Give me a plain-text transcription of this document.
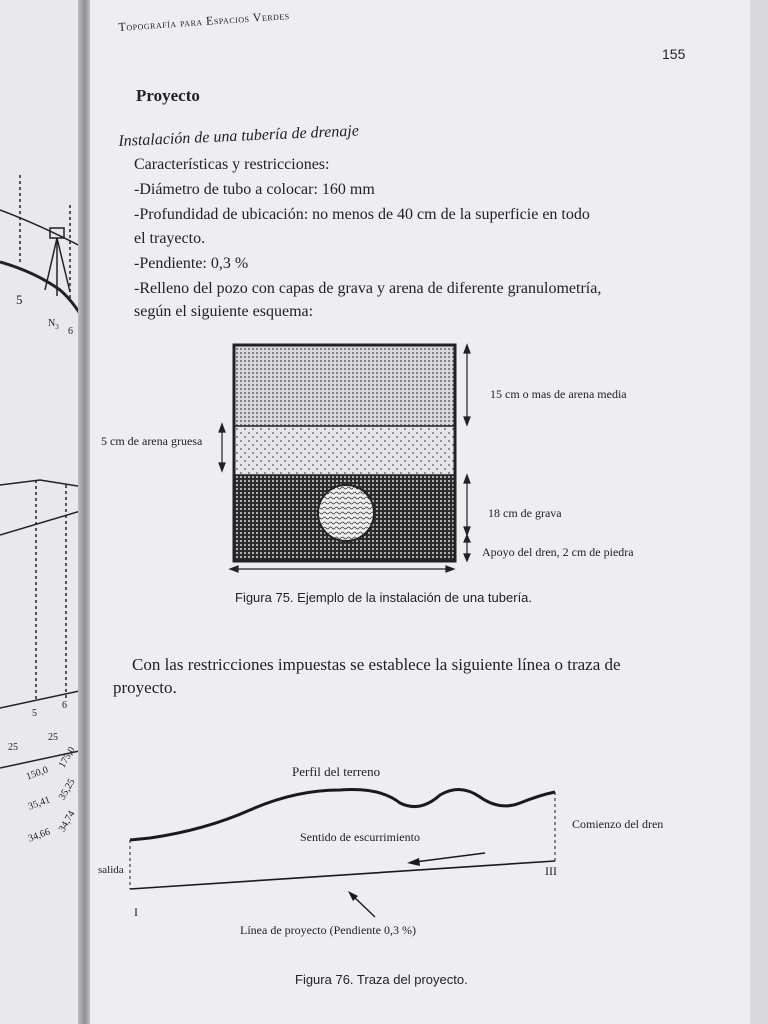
5
$N_3$ 6
5
6
25
25
150,0
175,0
35,41
35,25
34,66
34,74
Topografía para Espacios Verdes
155
Proyecto
Instalación de una tubería de drenaje
Características y restricciones:
-Diámetro de tubo a colocar: 160 mm
-Profundidad de ubicación: no menos de 40 cm de la superficie en todo
el trayecto.
-Pendiente: 0,3 %
-Relleno del pozo con capas de grava y arena de diferente granulometría,
según el siguiente esquema:
15 cm o mas de arena media
5 cm de arena gruesa
18 cm de grava
Apoyo del dren, 2 cm de piedra
Figura 75. Ejemplo de la instalación de una tubería.
Con las restricciones impuestas se establece la siguiente línea o traza de
proyecto.
Perfil del terreno
Comienzo del dren
Sentido de escurrimiento
salida	III
I
Línea de proyecto (Pendiente 0,3 %)
Figura 76. Traza del proyecto.
